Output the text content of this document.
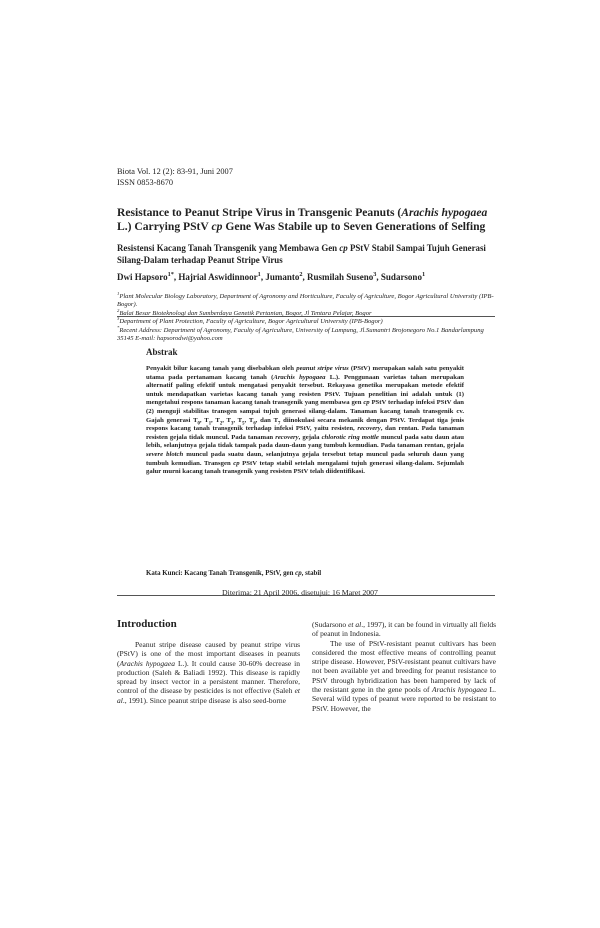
Biota Vol. 12 (2): 83-91, Juni 2007
ISSN 0853-8670
Resistance to Peanut Stripe Virus in Transgenic Peanuts (Arachis hypogaea L.) Carrying PStV cp Gene Was Stabile up to Seven Generations of Selfing
Resistensi Kacang Tanah Transgenik yang Membawa Gen cp PStV Stabil Sampai Tujuh Generasi Silang-Dalam terhadap Peanut Stripe Virus
Dwi Hapsoro$^{1*}$, Hajrial Aswidinnoor$^1$, Jumanto$^2$, Rusmilah Suseno$^3$, Sudarsono$^1$
$^1$Plant Molecular Biology Laboratory, Department of Agronomy and Horticulture, Faculty of Agriculture, Bogor Agricultural University (IPB-Bogor).
$^2$Balai Besar Bioteknologi dan Sumberdaya Genetik Pertanian, Bogor, Jl Tentara Pelajar, Bogor
$^3$Department of Plant Protection, Faculty of Agriculture, Bogor Agricultural University (IPB-Bogor)
*Recent Address: Department of Agronomy, Faculty of Agriculture, University of Lampung, Jl.Sumantri Brojonegoro No.1 Bandarlampung 35145 E-mail: hapsorodwi@yahoo.com
Abstrak
Penyakit bilur kacang tanah yang disebabkan oleh peanut stripe virus (PStV) merupakan salah satu penyakit utama pada pertanaman kacang tanah (Arachis hypogaea L.). Penggunaan varietas tahan merupakan alternatif paling efektif untuk mengatasi penyakit tersebut. Rekayasa genetika merupakan metode efektif untuk mendapatkan varietas kacang tanah yang resisten PStV. Tujuan penelitian ini adalah untuk (1) mengetahui respons tanaman kacang tanah transgenik yang membawa gen cp PStV terhadap infeksi PStV dan (2) menguji stabilitas transgen sampai tujuh generasi silang-dalam. Tanaman kacang tanah transgenik cv. Gajah generasi $T_0$, $T_1$, $T_2$, $T_3$, $T_5$, $T_6$, dan $T_7$ diinokulasi secara mekanik dengan PStV. Terdapat tiga jenis respons kacang tanah transgenik terhadap infeksi PStV, yaitu resisten, recovery, dan rentan. Pada tanaman resisten gejala tidak muncul. Pada tanaman recovery, gejala chlorotic ring mottle muncul pada satu daun atau lebih, selanjutnya gejala tidak tampak pada daun-daun yang tumbuh kemudian. Pada tanaman rentan, gejala severe blotch muncul pada suatu daun, selanjutnya gejala tersebut tetap muncul pada seluruh daun yang tumbuh kemudian. Transgen cp PStV tetap stabil setelah mengalami tujuh generasi silang-dalam. Sejumlah galur murni kacang tanah transgenik yang resisten PStV telah diidentifikasi.
Kata Kunci: Kacang Tanah Transgenik, PStV, gen cp, stabil
Diterima: 21 April 2006, disetujui: 16 Maret 2007
Introduction

Peanut stripe disease caused by peanut stripe virus (PStV) is one of the most important diseases in peanuts (Arachis hypogaea L.). It could cause 30-60% decrease in production (Saleh & Baliadi 1992). This disease is rapidly spread by insect vector in a persistent manner. Therefore, control of the disease by pesticides is not effective (Saleh et al., 1991). Since peanut stripe disease is also seed-borne

(Sudarsono et al., 1997), it can be found in virtually all fields of peanut in Indonesia.

The use of PStV-resistant peanut cultivars has been considered the most effective means of controlling peanut stripe disease. However, PStV-resistant peanut cultivars have not been available yet and breeding for peanut resistance to PStV through hybridization has been hampered by lack of the resistant gene in the gene pools of Arachis hypogaea L. Several wild types of peanut were reported to be resistant to PStV. However, the
